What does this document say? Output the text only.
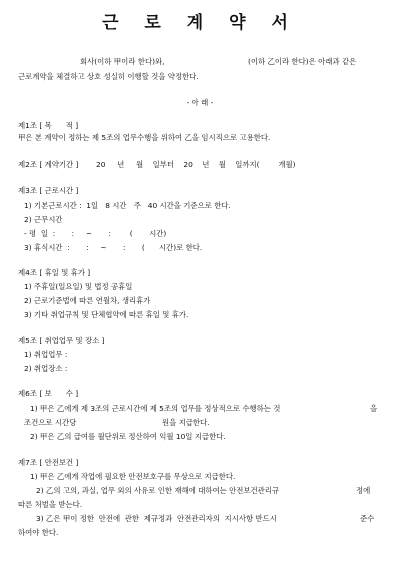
근 로 계 약 서
회사(이하 甲이라 한다)와,	(이하 乙이라 한다)은 아래과 같은
근로계약을 체결하고 상호 성실히 이행할 것을 약정한다.
- 아 래 -
제1조 [ 목      적 ]
甲은 본 계약이 정하는 제 5조의 업무수행을 위하여 乙을 임시직으로 고용한다.
제2조 [ 계약기간 ] 20     년     월    일부터    20    년    월    일까지(        개월)
제3조 [ 근로시간 ]
1) 기본근로시간 :  1일   8 시간   주   40 시간을 기준으로 한다.
2) 근무시간
- 평  일  :       :     ~       :        (       시간)
3) 휴식시간  :       :     ~       :       (      시간)로 한다.
제4조 [ 휴일 및 휴가 ]
1) 주휴일(일요일) 및 법정 공휴일
2) 근로기준법에 따른 연월차, 생리휴가
3) 기타 취업규칙 및 단체협약에 따른 휴일 및 휴가.
제5조 [ 취업업무 및 장소 ]
1) 취업업무 :
2) 취업장소 :
제6조 [ 보      수 ]
1) 甲은 乙에게 제 3조의 근로시간에 제 5조의 업무를 정상적으로 수행하는 것	을
조건으로 시간당	원을 지급한다.
2) 甲은 乙의 급여를 월단위로 정산하여 익월 10일 지급한다.
제7조 [ 안전보건 ]
1) 甲은 乙에게 작업에 필요한 안전보호구를 무상으로 지급한다.
2) 乙의 고의, 과실, 업무 외의 사유로 인한 재해에 대하여는 안전보건관리규	정에
따른 처벌을 받는다.
3) 乙은 甲이 정한  안전에  관한  제규정과  안전관리자의  지시사항 반드시	준수
하여야 한다.
